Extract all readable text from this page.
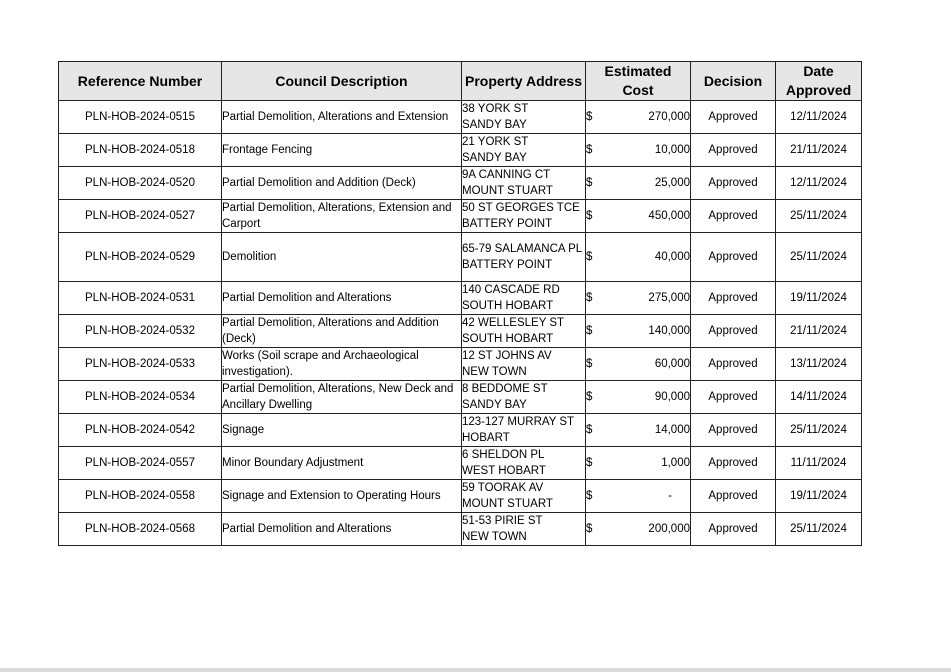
Reference Number	Council Description	Property Address	Estimated
Cost	Decision	Date
Approved
PLN-HOB-2024-0515	Partial Demolition, Alterations and Extension	38 YORK ST
SANDY BAY	$ 270,000	Approved	12/11/2024
PLN-HOB-2024-0518	Frontage Fencing	21 YORK ST
SANDY BAY	$ 10,000	Approved	21/11/2024
PLN-HOB-2024-0520	Partial Demolition and Addition (Deck)	9A CANNING CT
MOUNT STUART	$ 25,000	Approved	12/11/2024
PLN-HOB-2024-0527	Partial Demolition, Alterations, Extension and Carport	50 ST GEORGES TCE
BATTERY POINT	$ 450,000	Approved	25/11/2024
PLN-HOB-2024-0529	Demolition	65-79 SALAMANCA PL
BATTERY POINT	$ 40,000	Approved	25/11/2024
PLN-HOB-2024-0531	Partial Demolition and Alterations	140 CASCADE RD
SOUTH HOBART	$ 275,000	Approved	19/11/2024
PLN-HOB-2024-0532	Partial Demolition, Alterations and Addition (Deck)	42 WELLESLEY ST
SOUTH HOBART	$ 140,000	Approved	21/11/2024
PLN-HOB-2024-0533	Works (Soil scrape and Archaeological investigation).	12 ST JOHNS AV
NEW TOWN	$ 60,000	Approved	13/11/2024
PLN-HOB-2024-0534	Partial Demolition, Alterations, New Deck and Ancillary Dwelling	8 BEDDOME ST
SANDY BAY	$ 90,000	Approved	14/11/2024
PLN-HOB-2024-0542	Signage	123-127 MURRAY ST
HOBART	$ 14,000	Approved	25/11/2024
PLN-HOB-2024-0557	Minor Boundary Adjustment	6 SHELDON PL
WEST HOBART	$ 1,000	Approved	11/11/2024
PLN-HOB-2024-0558	Signage and Extension to Operating Hours	59 TOORAK AV
MOUNT STUART	$ -	Approved	19/11/2024
PLN-HOB-2024-0568	Partial Demolition and Alterations	51-53 PIRIE ST
NEW TOWN	$ 200,000	Approved	25/11/2024
